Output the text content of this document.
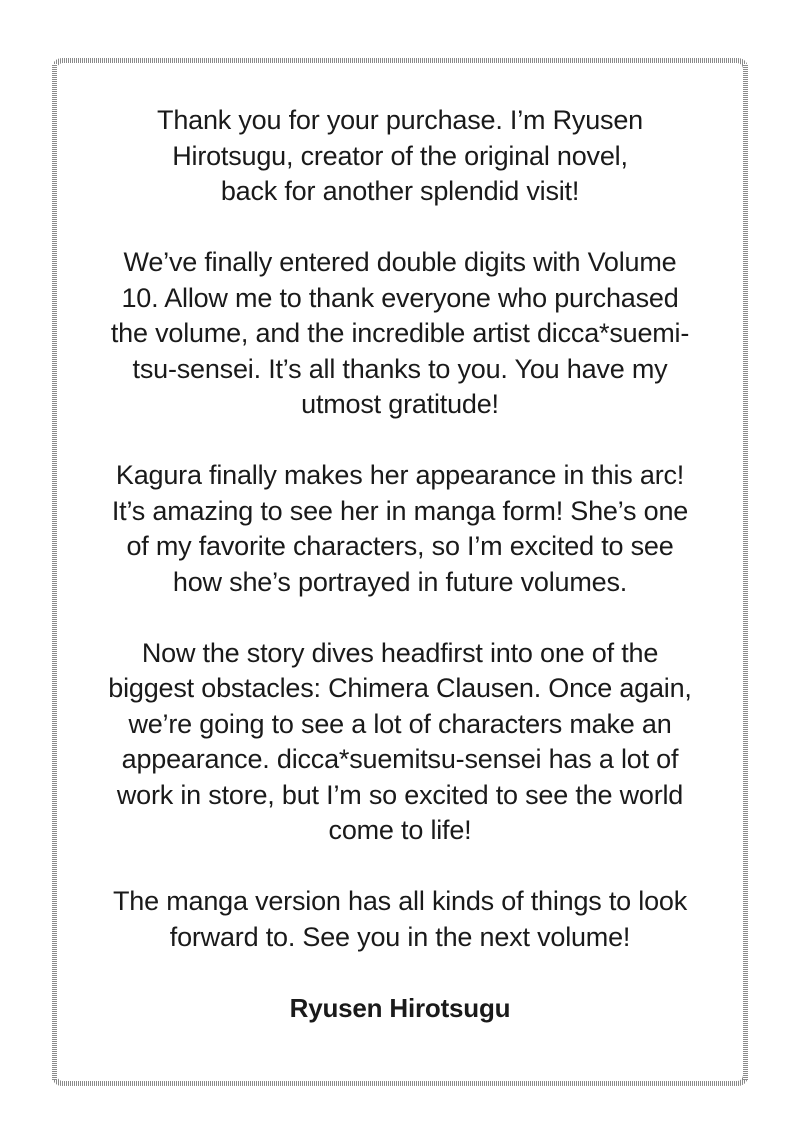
Thank you for your purchase. I’m Ryusen
Hirotsugu, creator of the original novel,
back for another splendid visit!

We’ve finally entered double digits with Volume
10. Allow me to thank everyone who purchased
the volume, and the incredible artist dicca*suemi-
tsu-sensei. It’s all thanks to you. You have my
utmost gratitude!

Kagura finally makes her appearance in this arc!
It’s amazing to see her in manga form! She’s one
of my favorite characters, so I’m excited to see
how she’s portrayed in future volumes.

Now the story dives headfirst into one of the
biggest obstacles: Chimera Clausen. Once again,
we’re going to see a lot of characters make an
appearance. dicca*suemitsu-sensei has a lot of
work in store, but I’m so excited to see the world
come to life!

The manga version has all kinds of things to look
forward to. See you in the next volume!

Ryusen Hirotsugu
